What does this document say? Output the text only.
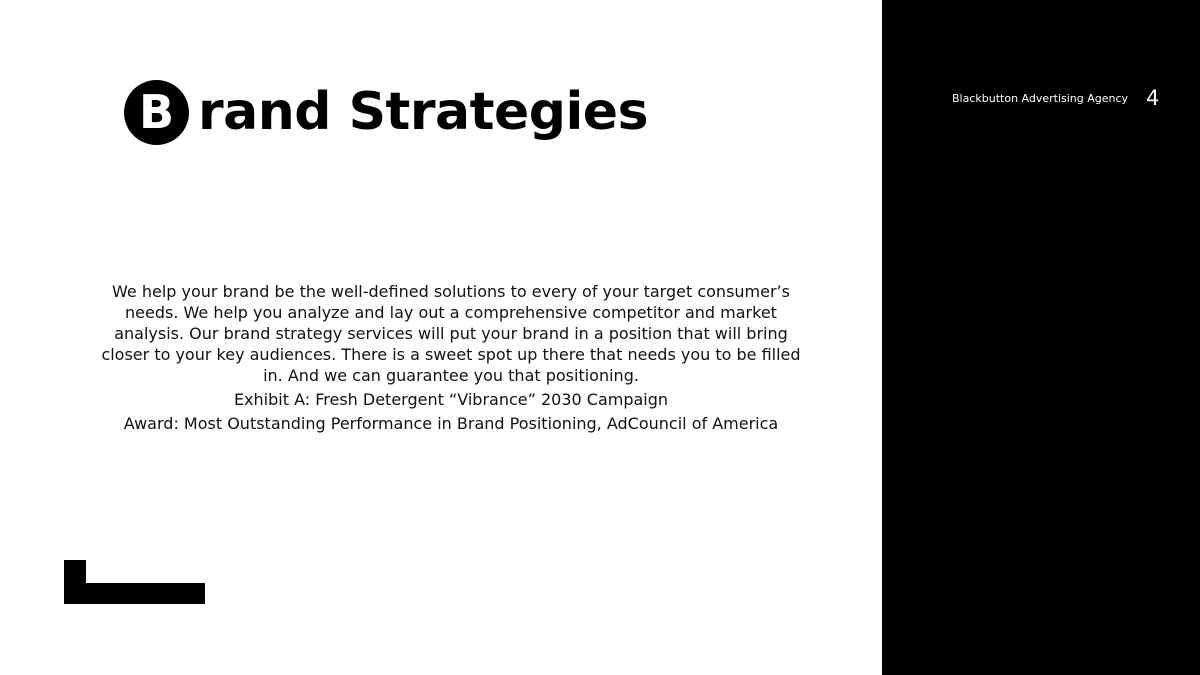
B rand Strategies

We help your brand be the well-defined solutions to every of your target consumer’s needs. We help you analyze and lay out a comprehensive competitor and market analysis. Our brand strategy services will put your brand in a position that will bring closer to your key audiences. There is a sweet spot up there that needs you to be filled in. And we can guarantee you that positioning.

Exhibit A: Fresh Detergent “Vibrance” 2030 Campaign

Award: Most Outstanding Performance in Brand Positioning, AdCouncil of America

Blackbutton Advertising Agency 4
